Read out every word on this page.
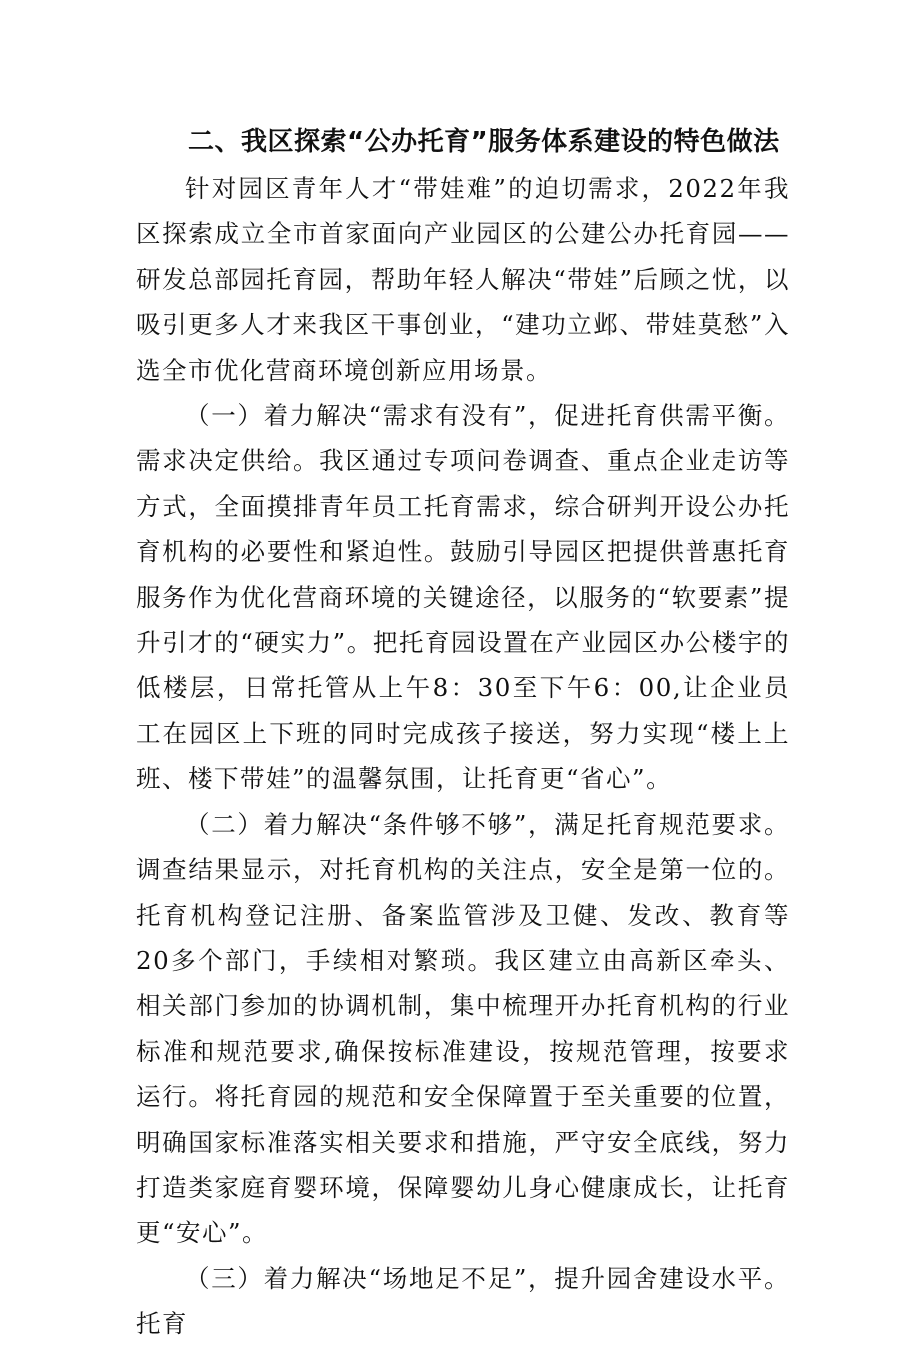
二、我区探索“公办托育”服务体系建设的特色做法

针对园区青年人才“带娃难”的迫切需求，2022年我区探索成立全市首家面向产业园区的公建公办托育园——研发总部园托育园，帮助年轻人解决“带娃”后顾之忧，以吸引更多人才来我区干事创业，“建功立邺、带娃莫愁”入选全市优化营商环境创新应用场景。

（一）着力解决“需求有没有”，促进托育供需平衡。需求决定供给。我区通过专项问卷调查、重点企业走访等方式，全面摸排青年员工托育需求，综合研判开设公办托育机构的必要性和紧迫性。鼓励引导园区把提供普惠托育服务作为优化营商环境的关键途径，以服务的“软要素”提升引才的“硬实力”。把托育园设置在产业园区办公楼宇的低楼层，日常托管从上午8：30至下午6：00,让企业员工在园区上下班的同时完成孩子接送，努力实现“楼上上班、楼下带娃”的温馨氛围，让托育更“省心”。

（二）着力解决“条件够不够”，满足托育规范要求。调查结果显示，对托育机构的关注点，安全是第一位的。托育机构登记注册、备案监管涉及卫健、发改、教育等20多个部门，手续相对繁琐。我区建立由高新区牵头、相关部门参加的协调机制，集中梳理开办托育机构的行业标准和规范要求,确保按标准建设，按规范管理，按要求运行。将托育园的规范和安全保障置于至关重要的位置，明确国家标准落实相关要求和措施，严守安全底线，努力打造类家庭育婴环境，保障婴幼儿身心健康成长，让托育更“安心”。

（三）着力解决“场地足不足”，提升园舍建设水平。托育
